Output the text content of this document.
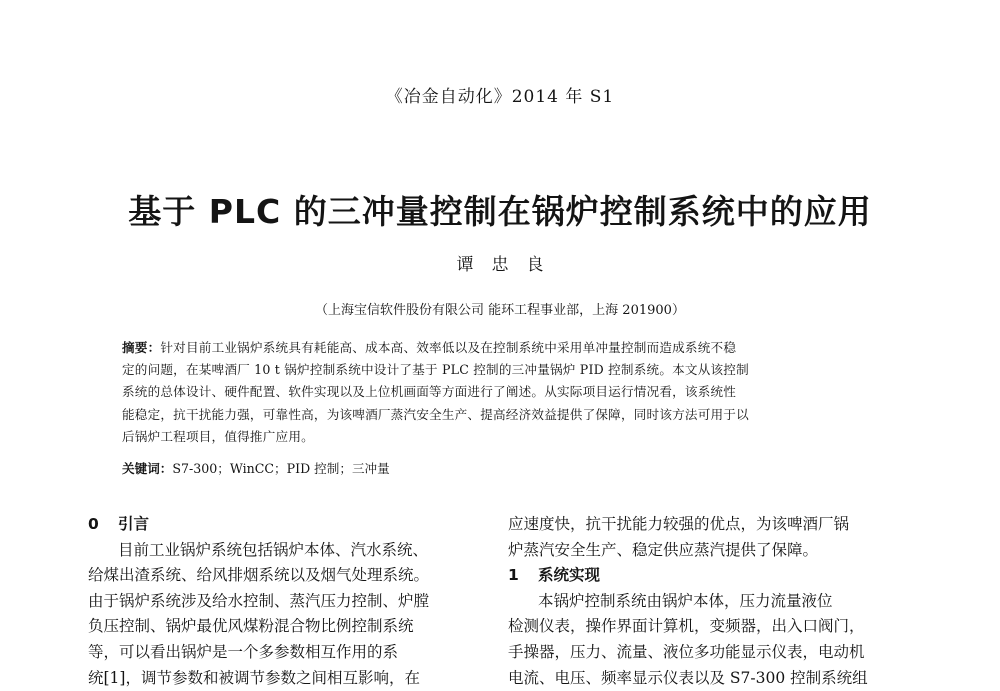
《冶金自动化》2014 年 S1
基于 PLC 的三冲量控制在锅炉控制系统中的应用
谭忠良
（上海宝信软件股份有限公司 能环工程事业部，上海 201900）
摘要：针对目前工业锅炉系统具有耗能高、成本高、效率低以及在控制系统中采用单冲量控制而造成系统不稳
定的问题，在某啤酒厂 10 t 锅炉控制系统中设计了基于 PLC 控制的三冲量锅炉 PID 控制系统。本文从该控制
系统的总体设计、硬件配置、软件实现以及上位机画面等方面进行了阐述。从实际项目运行情况看，该系统性
能稳定，抗干扰能力强，可靠性高，为该啤酒厂蒸汽安全生产、提高经济效益提供了保障，同时该方法可用于以
后锅炉工程项目，值得推广应用。
关键词：S7-300；WinCC；PID 控制；三冲量
0 引言
目前工业锅炉系统包括锅炉本体、汽水系统、
给煤出渣系统、给风排烟系统以及烟气处理系统。
由于锅炉系统涉及给水控制、蒸汽压力控制、炉膛
负压控制、锅炉最优风煤粉混合物比例控制系统
等，可以看出锅炉是一个多参数相互作用的系
统[1]，调节参数和被调节参数之间相互影响，在
应速度快，抗干扰能力较强的优点，为该啤酒厂锅
炉蒸汽安全生产、稳定供应蒸汽提供了保障。
1 系统实现
本锅炉控制系统由锅炉本体，压力流量液位
检测仪表，操作界面计算机，变频器，出入口阀门，
手操器，压力、流量、液位多功能显示仪表，电动机
电流、电压、频率显示仪表以及 S7-300 控制系统组
